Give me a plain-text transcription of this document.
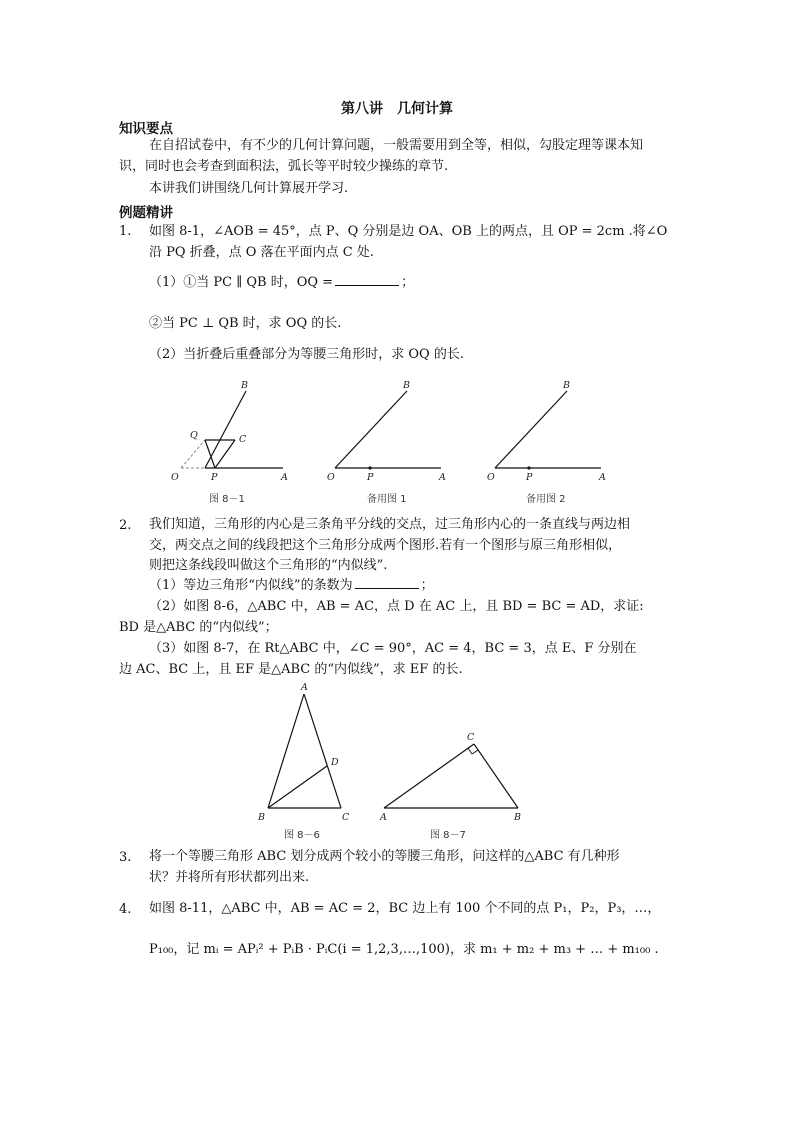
第八讲　几何计算
知识要点
在自招试卷中，有不少的几何计算问题，一般需要用到全等，相似，勾股定理等课本知
识，同时也会考查到面积法，弧长等平时较少操练的章节.
本讲我们讲围绕几何计算展开学习.
例题精讲
1. 如图 8-1，∠AOB = 45°，点 P、Q 分别是边 OA、OB 上的两点，且 OP = 2cm .将∠O
沿 PQ 折叠，点 O 落在平面内点 C 处.
（1）①当 PC ∥ QB 时，OQ =	；
②当 PC ⊥ QB 时，求 OQ 的长.
（2）当折叠后重叠部分为等腰三角形时，求 OQ 的长.
B
Q	C
O	P	A
图 8－1
B
O	P	A
备用图 1
B
O	P	A
备用图 2
2. 我们知道，三角形的内心是三条角平分线的交点，过三角形内心的一条直线与两边相
交，两交点之间的线段把这个三角形分成两个图形.若有一个图形与原三角形相似，
则把这条线段叫做这个三角形的“内似线”.
（1）等边三角形“内似线”的条数为	；
（2）如图 8-6，△ABC 中，AB = AC，点 D 在 AC 上，且 BD = BC = AD，求证:
BD 是△ABC 的“内似线”；
（3）如图 8-7，在 Rt△ABC 中，∠C = 90°，AC = 4，BC = 3，点 E、F 分别在
边 AC、BC 上，且 EF 是△ABC 的“内似线”，求 EF 的长.
A
D
B	C
图 8－6
C
A	B
图 8－7
3. 将一个等腰三角形 ABC 划分成两个较小的等腰三角形，问这样的△ABC 有几种形
状？并将所有形状都列出来.
4. 如图 8-11，△ABC 中，AB = AC = 2，BC 边上有 100 个不同的点 P₁，P₂，P₃，…，
P₁₀₀，记 mᵢ = APᵢ² + PᵢB · PᵢC(i = 1,2,3,…,100)，求 m₁ + m₂ + m₃ + … + m₁₀₀ .
